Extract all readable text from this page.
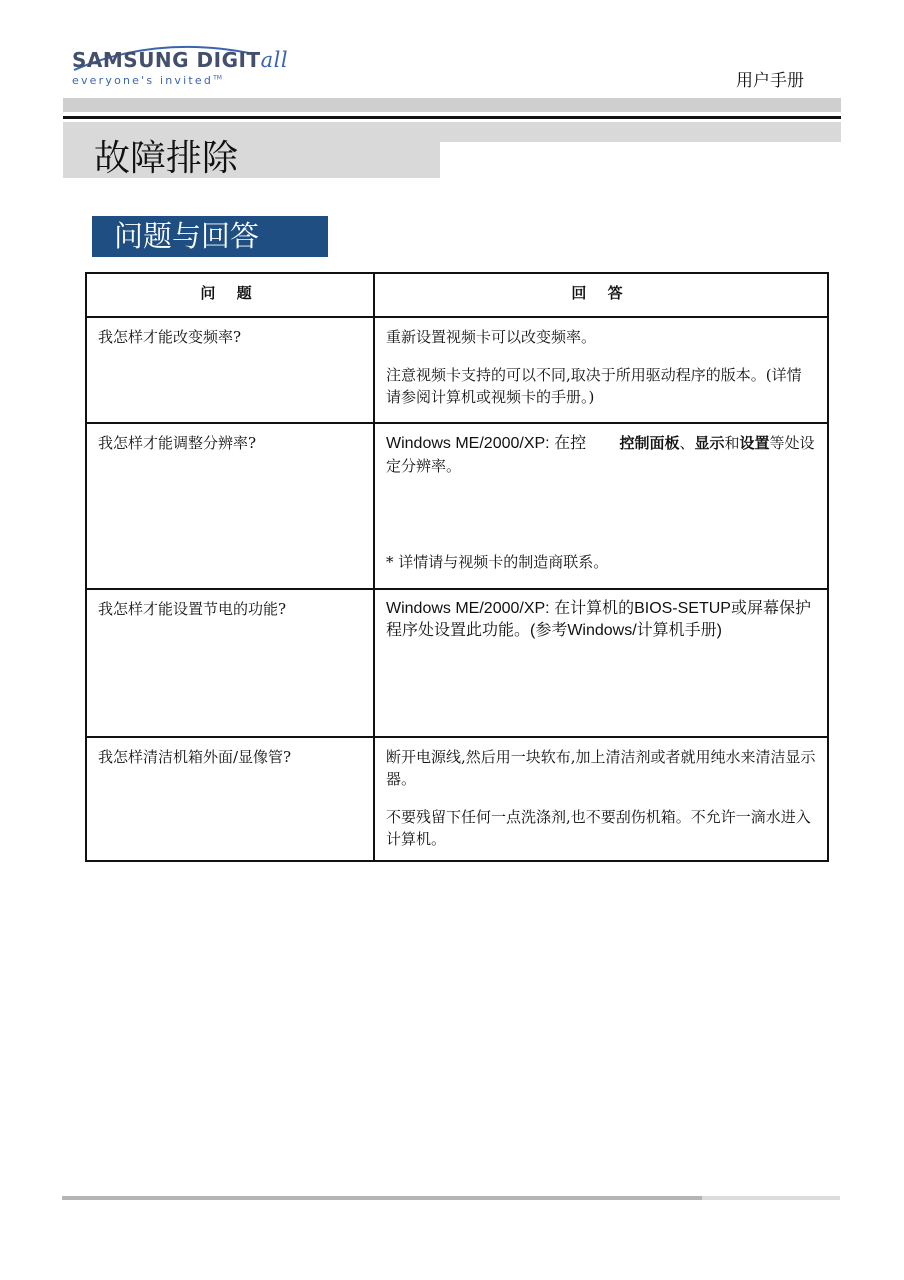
SAMSUNG DIGITall
everyone's invited™	用户手册
故障排除
问题与回答
问 题	回 答
我怎样才能改变频率?	重新设置视频卡可以改变频率。

注意视频卡支持的可以不同,取决于所用驱动程序的版本。(详情请参阅计算机或视频卡的手册。)

我怎样才能调整分辨率?	Windows ME/2000/XP: 在控 控制面板、显示和设置等处设定分辨率。

* 详情请与视频卡的制造商联系。

我怎样才能设置节电的功能?	Windows ME/2000/XP: 在计算机的BIOS-SETUP或屏幕保护程序处设置此功能。(参考Windows/计算机手册)

我怎样清洁机箱外面/显像管?	断开电源线,然后用一块软布,加上清洁剂或者就用纯水来清洁显示器。

不要残留下任何一点洗涤剂,也不要刮伤机箱。不允许一滴水进入计算机。
